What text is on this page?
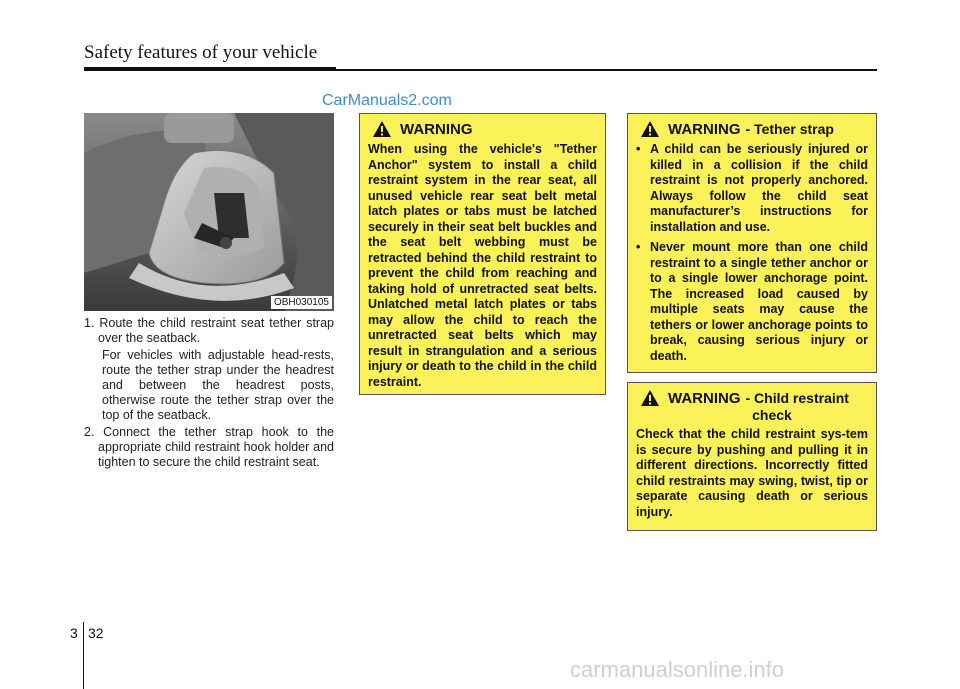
Safety features of your vehicle
CarManuals2.com
OBH030105

1. Route the child restraint seat tether strap over the seatback.

For vehicles with adjustable head-rests, route the tether strap under the headrest and between the headrest posts, otherwise route the tether strap over the top of the seatback.

2. Connect the tether strap hook to the appropriate child restraint hook holder and tighten to secure the child restraint seat.

WARNING
When using the vehicle's "Tether Anchor" system to install a child restraint system in the rear seat, all unused vehicle rear seat belt metal latch plates or tabs must be latched securely in their seat belt buckles and the seat belt webbing must be retracted behind the child restraint to prevent the child from reaching and taking hold of unretracted seat belts. Unlatched metal latch plates or tabs may allow the child to reach the unretracted seat belts which may result in strangulation and a serious injury or death to the child in the child restraint.
WARNING - Tether strap
• A child can be seriously injured or killed in a collision if the child restraint is not properly anchored. Always follow the child seat manufacturer’s instructions for installation and use.
• Never mount more than one child restraint to a single tether anchor or to a single lower anchorage point. The increased load caused by multiple seats may cause the tethers or lower anchorage points to break, causing serious injury or death.
WARNING - Child restraint
check
Check that the child restraint sys-tem is secure by pushing and pulling it in different directions. Incorrectly fitted child restraints may swing, twist, tip or separate causing death or serious injury.
3 32
carmanualsonline.info
